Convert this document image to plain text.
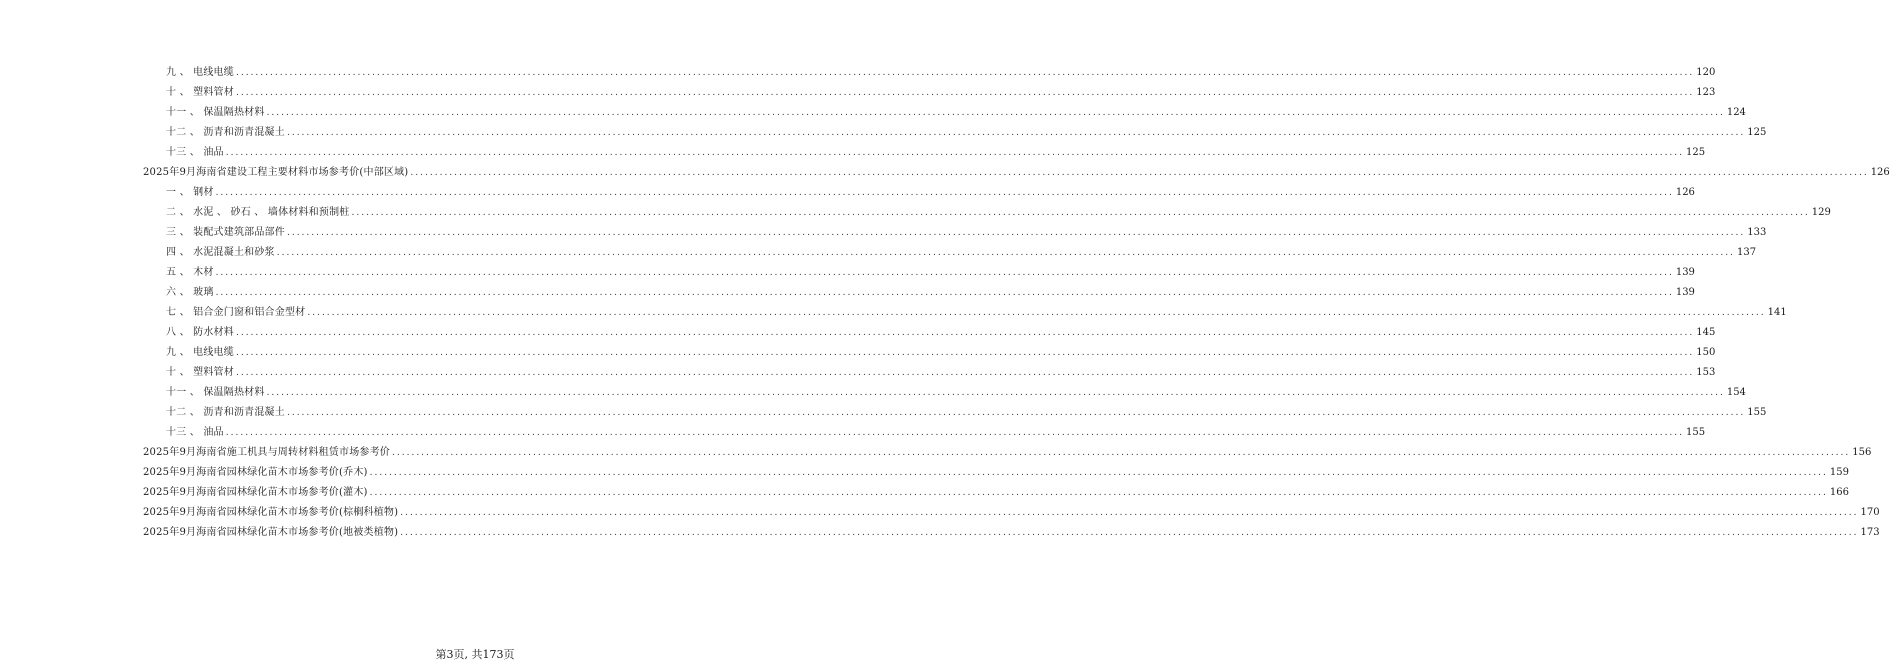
九 、 电线电缆 ............................................................................................................................................................................................................................................................................................................ 120
十 、 塑料管材 ............................................................................................................................................................................................................................................................................................................ 123
十一 、 保温隔热材料 ............................................................................................................................................................................................................................................................................................................ 124
十二 、 沥青和沥青混凝土 ............................................................................................................................................................................................................................................................................................................ 125
十三 、 油品 ............................................................................................................................................................................................................................................................................................................ 125
2025年9月海南省建设工程主要材料市场参考价(中部区域) ............................................................................................................................................................................................................................................................................................................ 126
一 、 钢材 ............................................................................................................................................................................................................................................................................................................ 126
二 、 水泥 、 砂石 、 墙体材料和预制桩 ............................................................................................................................................................................................................................................................................................................ 129
三 、 装配式建筑部品部件 ............................................................................................................................................................................................................................................................................................................ 133
四 、 水泥混凝土和砂浆 ............................................................................................................................................................................................................................................................................................................ 137
五 、 木材 ............................................................................................................................................................................................................................................................................................................ 139
六 、 玻璃 ............................................................................................................................................................................................................................................................................................................ 139
七 、 铝合金门窗和铝合金型材 ............................................................................................................................................................................................................................................................................................................ 141
八 、 防水材料 ............................................................................................................................................................................................................................................................................................................ 145
九 、 电线电缆 ............................................................................................................................................................................................................................................................................................................ 150
十 、 塑料管材 ............................................................................................................................................................................................................................................................................................................ 153
十一 、 保温隔热材料 ............................................................................................................................................................................................................................................................................................................ 154
十二 、 沥青和沥青混凝土 ............................................................................................................................................................................................................................................................................................................ 155
十三 、 油品 ............................................................................................................................................................................................................................................................................................................ 155
2025年9月海南省施工机具与周转材料租赁市场参考价 ............................................................................................................................................................................................................................................................................................................ 156
2025年9月海南省园林绿化苗木市场参考价(乔木) ............................................................................................................................................................................................................................................................................................................ 159
2025年9月海南省园林绿化苗木市场参考价(灌木) ............................................................................................................................................................................................................................................................................................................ 166
2025年9月海南省园林绿化苗木市场参考价(棕榈科植物) ............................................................................................................................................................................................................................................................................................................ 170
2025年9月海南省园林绿化苗木市场参考价(地被类植物) ............................................................................................................................................................................................................................................................................................................ 173
第3页, 共173页
